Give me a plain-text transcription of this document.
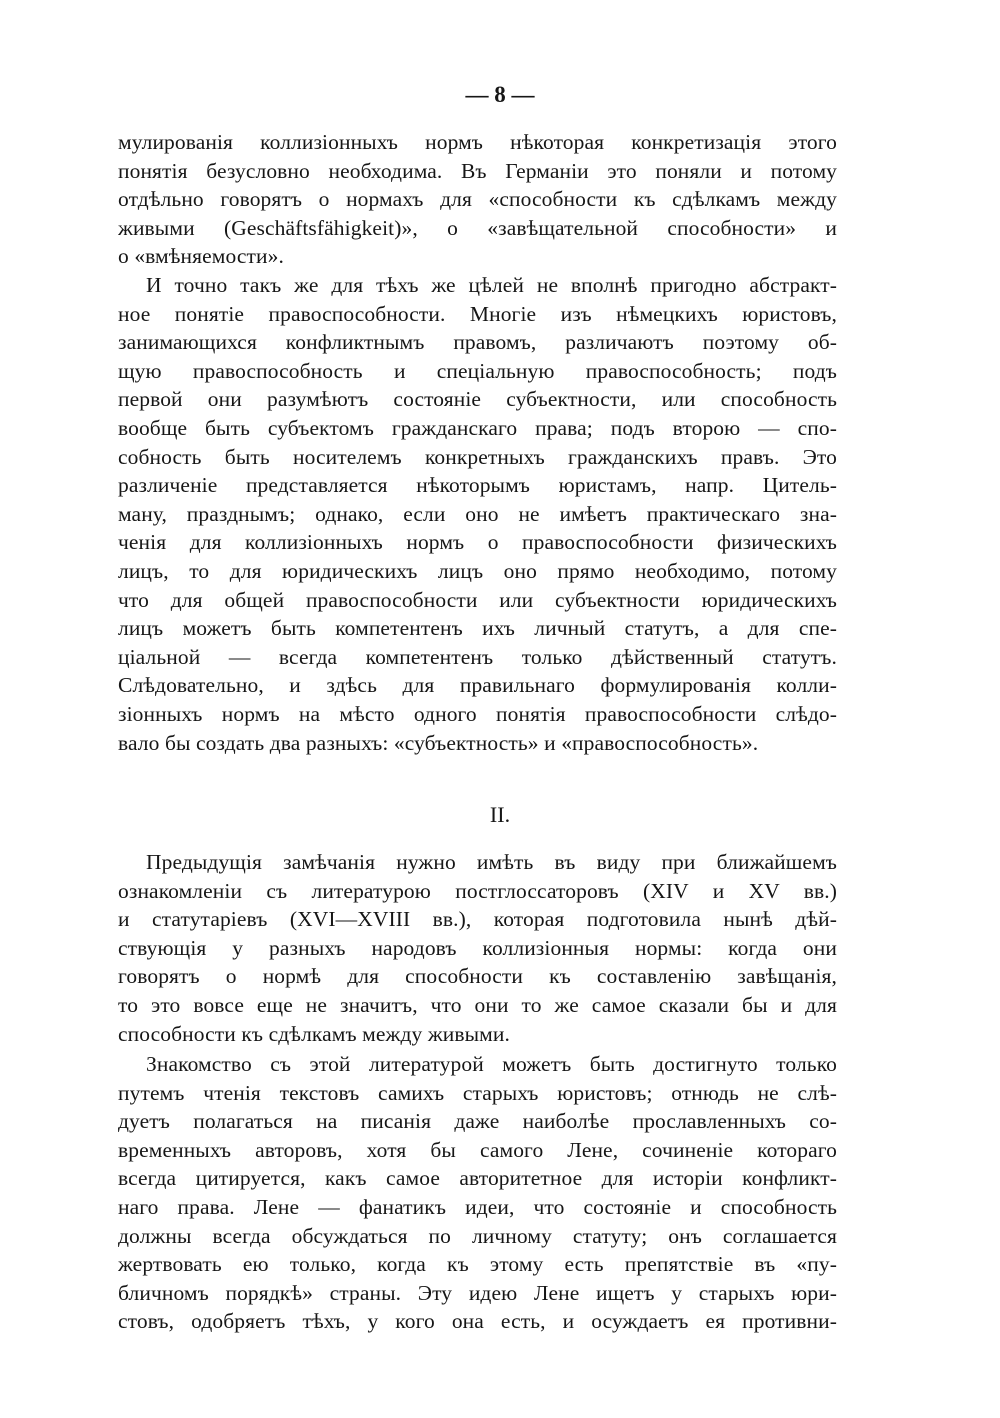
— 8 —
мулированія коллизіонныхъ нормъ нѣкоторая конкретизація этого
понятія безусловно необходима. Въ Германіи это поняли и потому
отдѣльно говорятъ о нормахъ для «способности къ сдѣлкамъ между
живыми (Geschäftsfähigkeit)», о «завѣщательной способности» и
о «вмѣняемости».
И точно такъ же для тѣхъ же цѣлей не вполнѣ пригодно абстракт-
ное понятіе правоспособности. Многіе изъ нѣмецкихъ юристовъ,
занимающихся конфликтнымъ правомъ, различаютъ поэтому об-
щую правоспособность и спеціальную правоспособность; подъ
первой они разумѣютъ состояніе субъектности, или способность
вообще быть субъектомъ гражданскаго права; подъ второю — спо-
собность быть носителемъ конкретныхъ гражданскихъ правъ. Это
различеніе представляется нѣкоторымъ юристамъ, напр. Цитель-
ману, празднымъ; однако, если оно не имѣетъ практическаго зна-
ченія для коллизіонныхъ нормъ о правоспособности физическихъ
лицъ, то для юридическихъ лицъ оно прямо необходимо, потому
что для общей правоспособности или субъектности юридическихъ
лицъ можетъ быть компетентенъ ихъ личный статутъ, а для спе-
ціальной — всегда компетентенъ только дѣйственный статутъ.
Слѣдовательно, и здѣсь для правильнаго формулированія колли-
зіонныхъ нормъ на мѣсто одного понятія правоспособности слѣдо-
вало бы создать два разныхъ: «субъектность» и «правоспособность».
II.
Предыдущія замѣчанія нужно имѣть въ виду при ближайшемъ
ознакомленіи съ литературою постглоссаторовъ (XIV и XV вв.)
и статутаріевъ (XVI—XVIII вв.), которая подготовила нынѣ дѣй-
ствующія у разныхъ народовъ коллизіонныя нормы: когда они
говорятъ о нормѣ для способности къ составленію завѣщанія,
то это вовсе еще не значитъ, что они то же самое сказали бы и для
способности къ сдѣлкамъ между живыми.
Знакомство съ этой литературой можетъ быть достигнуто только
путемъ чтенія текстовъ самихъ старыхъ юристовъ; отнюдь не слѣ-
дуетъ полагаться на писанія даже наиболѣе прославленныхъ со-
временныхъ авторовъ, хотя бы самого Лене, сочиненіе котораго
всегда цитируется, какъ самое авторитетное для исторіи конфликт-
наго права. Лене — фанатикъ идеи, что состояніе и способность
должны всегда обсуждаться по личному статуту; онъ соглашается
жертвовать ею только, когда къ этому есть препятствіе въ «пу-
бличномъ порядкѣ» страны. Эту идею Лене ищетъ у старыхъ юри-
стовъ, одобряетъ тѣхъ, у кого она есть, и осуждаетъ ея противни-
